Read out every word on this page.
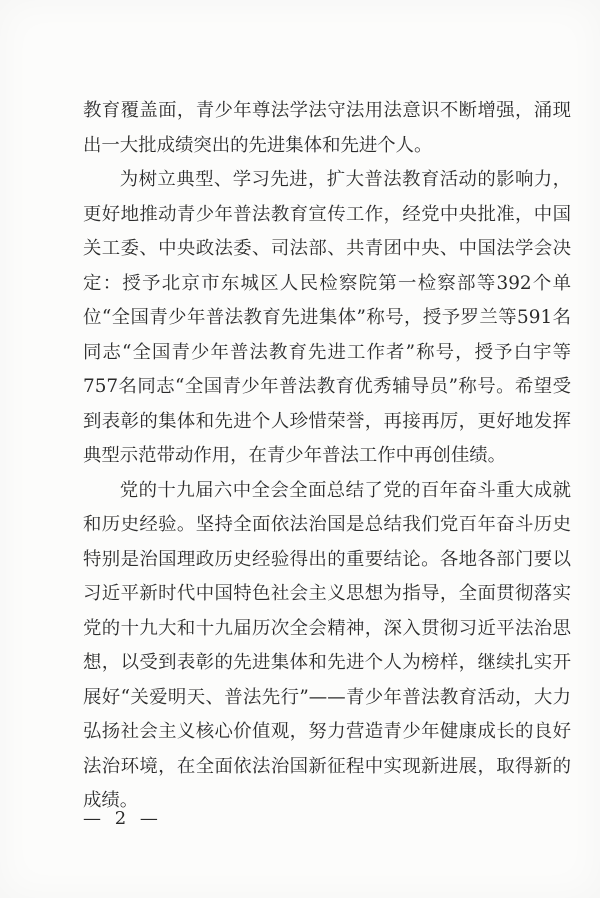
教育覆盖面，青少年尊法学法守法用法意识不断增强，涌现出一大批成绩突出的先进集体和先进个人。

为树立典型、学习先进，扩大普法教育活动的影响力，更好地推动青少年普法教育宣传工作，经党中央批准，中国关工委、中央政法委、司法部、共青团中央、中国法学会决定：授予北京市东城区人民检察院第一检察部等392个单位“全国青少年普法教育先进集体”称号，授予罗兰等591名同志“全国青少年普法教育先进工作者”称号，授予白宇等757名同志“全国青少年普法教育优秀辅导员”称号。希望受到表彰的集体和先进个人珍惜荣誉，再接再厉，更好地发挥典型示范带动作用，在青少年普法工作中再创佳绩。

党的十九届六中全会全面总结了党的百年奋斗重大成就和历史经验。坚持全面依法治国是总结我们党百年奋斗历史特别是治国理政历史经验得出的重要结论。各地各部门要以习近平新时代中国特色社会主义思想为指导，全面贯彻落实党的十九大和十九届历次全会精神，深入贯彻习近平法治思想，以受到表彰的先进集体和先进个人为榜样，继续扎实开展好“关爱明天、普法先行”——青少年普法教育活动，大力弘扬社会主义核心价值观，努力营造青少年健康成长的良好法治环境，在全面依法治国新征程中实现新进展，取得新的成绩。

— 2 —
